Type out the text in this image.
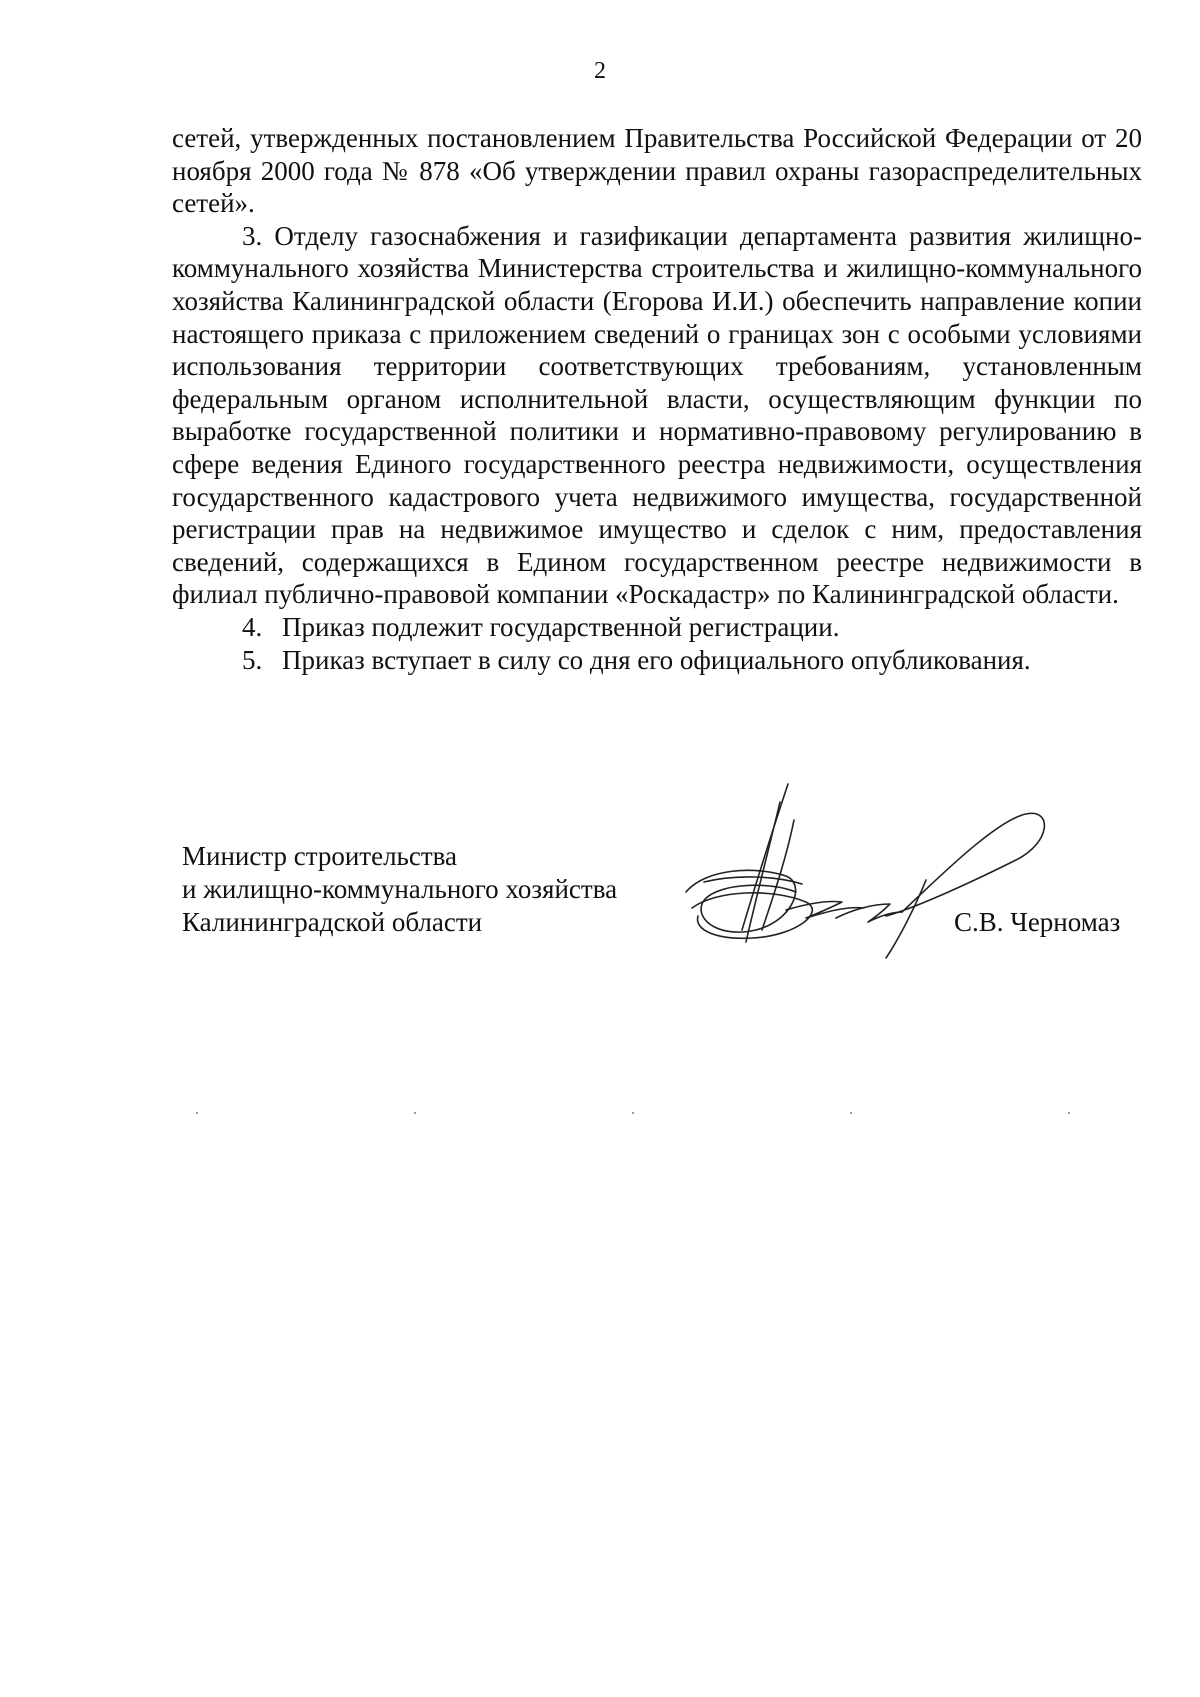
2

сетей, утвержденных постановлением Правительства Российской Федерации от 20 ноября 2000 года № 878 «Об утверждении правил охраны газораспределительных сетей».

3. Отделу газоснабжения и газификации департамента развития жилищно-коммунального хозяйства Министерства строительства и жилищно-коммунального хозяйства Калининградской области (Егорова И.И.) обеспечить направление копии настоящего приказа с приложением сведений о границах зон с особыми условиями использования территории соответствующих требованиям, установленным федеральным органом исполнительной власти, осуществляющим функции по выработке государственной политики и нормативно-правовому регулированию в сфере ведения Единого государственного реестра недвижимости, осуществления государственного кадастрового учета недвижимого имущества, государственной регистрации прав на недвижимое имущество и сделок с ним, предоставления сведений, содержащихся в Едином государственном реестре недвижимости в филиал публично-правовой компании «Роскадастр» по Калининградской области.

4. Приказ подлежит государственной регистрации.

5. Приказ вступает в силу со дня его официального опубликования.

Министр строительства
и жилищно-коммунального хозяйства
Калининградской области	С.В. Черномаз
